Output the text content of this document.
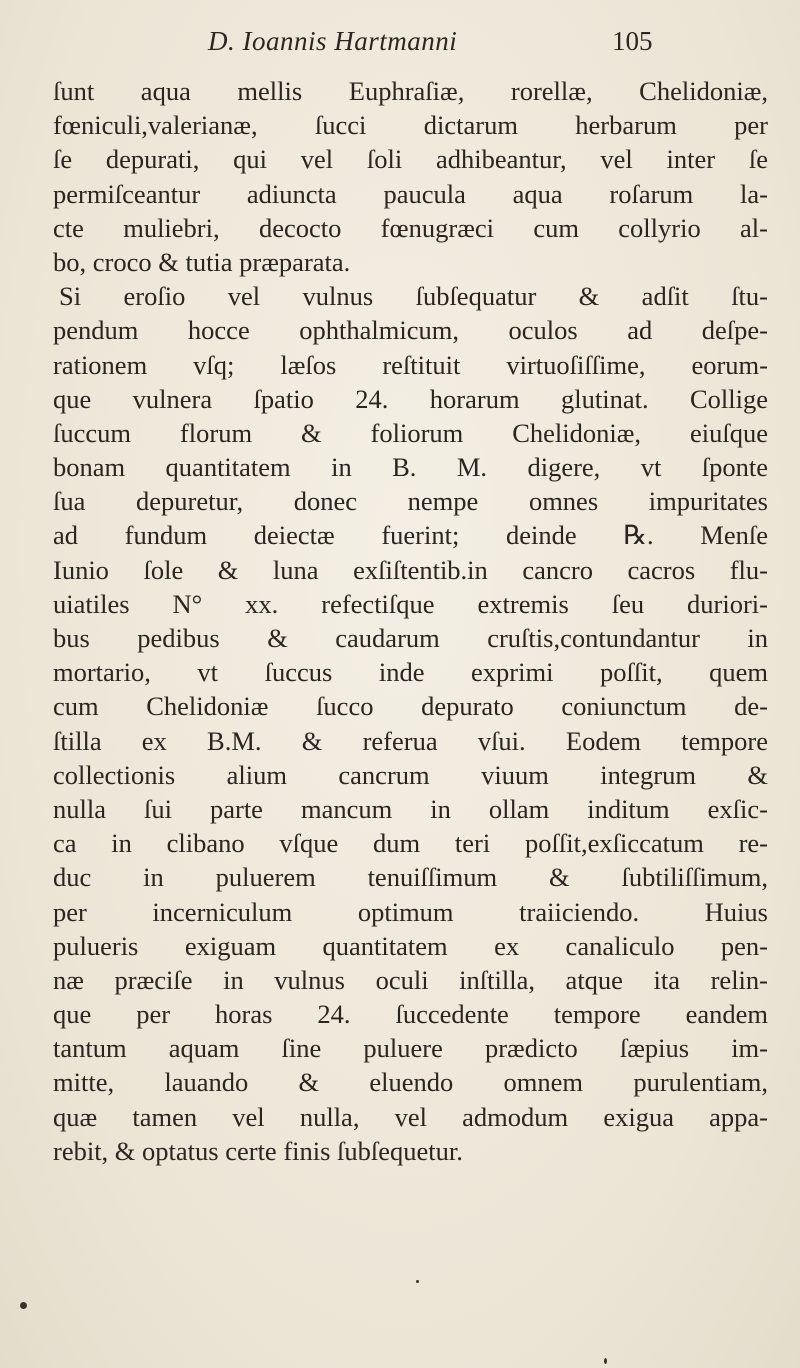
D. Ioannis Hartmanni	105
ſunt aqua mellis Euphraſiæ, rorellæ, Chelidoniæ,
fœniculi,valerianæ, ſucci dictarum herbarum per
ſe depurati, qui vel ſoli adhibeantur, vel inter ſe
permiſceantur adiuncta paucula aqua roſarum la-
cte muliebri, decocto fœnugræci cum collyrio al-
bo, croco & tutia præparata.
Si eroſio vel vulnus ſubſequatur & adſit ſtu-
pendum hocce ophthalmicum, oculos ad deſpe-
rationem vſq; læſos reſtituit virtuoſiſſime, eorum-
que vulnera ſpatio 24. horarum glutinat. Collige
ſuccum florum & foliorum Chelidoniæ, eiuſque
bonam quantitatem in B. M. digere, vt ſponte
ſua depuretur, donec nempe omnes impuritates
ad fundum deiectæ fuerint; deinde ℞. Menſe
Iunio ſole & luna exſiſtentib.in cancro cacros flu-
uiatiles N° xx. refectiſque extremis ſeu duriori-
bus pedibus & caudarum cruſtis,contundantur in
mortario, vt ſuccus inde exprimi poſſit, quem
cum Chelidoniæ ſucco depurato coniunctum de-
ſtilla ex B.M. & referua vſui. Eodem tempore
collectionis alium cancrum viuum integrum &
nulla ſui parte mancum in ollam inditum exſic-
ca in clibano vſque dum teri poſſit,exſiccatum re-
duc in puluerem tenuiſſimum & ſubtiliſſimum,
per incerniculum optimum traiiciendo. Huius
pulueris exiguam quantitatem ex canaliculo pen-
næ præciſe in vulnus oculi inſtilla, atque ita relin-
que per horas 24. ſuccedente tempore eandem
tantum aquam ſine puluere prædicto ſæpius im-
mitte, lauando & eluendo omnem purulentiam,
quæ tamen vel nulla, vel admodum exigua appa-
rebit, & optatus certe finis ſubſequetur.
